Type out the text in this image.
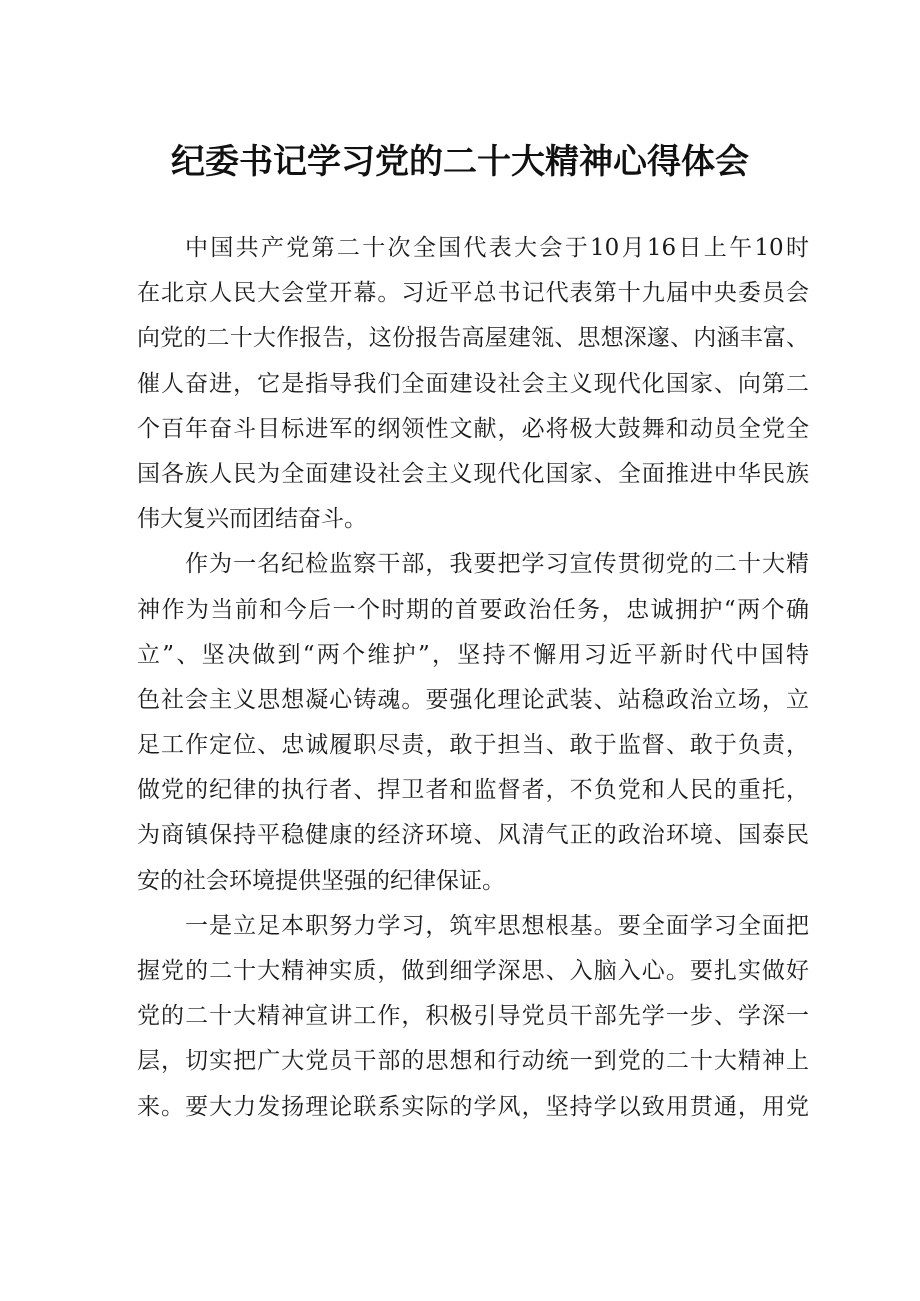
纪委书记学习党的二十大精神心得体会
中国共产党第二十次全国代表大会于10月16日上午10时
在北京人民大会堂开幕。习近平总书记代表第十九届中央委员会
向党的二十大作报告，这份报告高屋建瓴、思想深邃、内涵丰富、
催人奋进，它是指导我们全面建设社会主义现代化国家、向第二
个百年奋斗目标进军的纲领性文献，必将极大鼓舞和动员全党全
国各族人民为全面建设社会主义现代化国家、全面推进中华民族
伟大复兴而团结奋斗。
作为一名纪检监察干部，我要把学习宣传贯彻党的二十大精
神作为当前和今后一个时期的首要政治任务，忠诚拥护“两个确
立”、坚决做到“两个维护”，坚持不懈用习近平新时代中国特
色社会主义思想凝心铸魂。要强化理论武装、站稳政治立场，立
足工作定位、忠诚履职尽责，敢于担当、敢于监督、敢于负责，
做党的纪律的执行者、捍卫者和监督者，不负党和人民的重托，
为商镇保持平稳健康的经济环境、风清气正的政治环境、国泰民
安的社会环境提供坚强的纪律保证。
一是立足本职努力学习，筑牢思想根基。要全面学习全面把
握党的二十大精神实质，做到细学深思、入脑入心。要扎实做好
党的二十大精神宣讲工作，积极引导党员干部先学一步、学深一
层，切实把广大党员干部的思想和行动统一到党的二十大精神上
来。要大力发扬理论联系实际的学风，坚持学以致用贯通，用党
